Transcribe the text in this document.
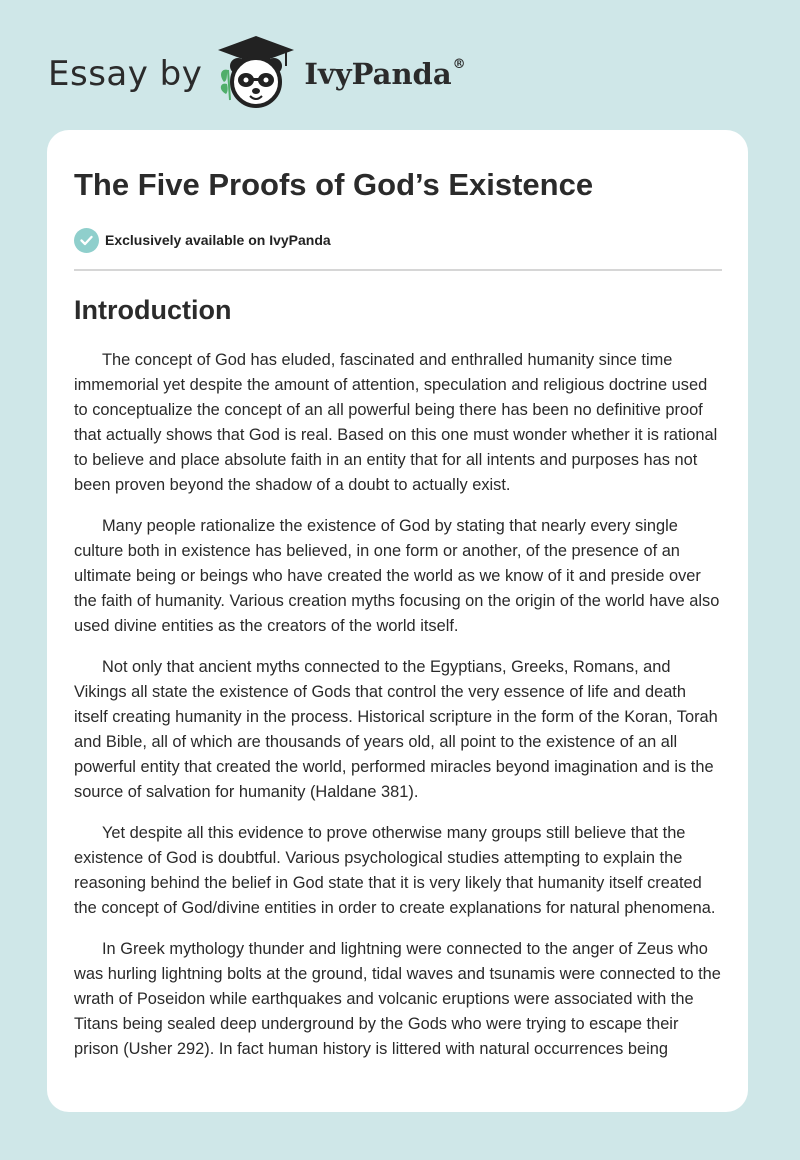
Essay by	IvyPanda®
The Five Proofs of God’s Existence
Exclusively available on IvyPanda
Introduction

The concept of God has eluded, fascinated and enthralled humanity since time immemorial yet despite the amount of attention, speculation and religious doctrine used to conceptualize the concept of an all powerful being there has been no definitive proof that actually shows that God is real. Based on this one must wonder whether it is rational to believe and place absolute faith in an entity that for all intents and purposes has not been proven beyond the shadow of a doubt to actually exist.

Many people rationalize the existence of God by stating that nearly every single culture both in existence has believed, in one form or another, of the presence of an ultimate being or beings who have created the world as we know of it and preside over the faith of humanity. Various creation myths focusing on the origin of the world have also used divine entities as the creators of the world itself.

Not only that ancient myths connected to the Egyptians, Greeks, Romans, and Vikings all state the existence of Gods that control the very essence of life and death itself creating humanity in the process. Historical scripture in the form of the Koran, Torah and Bible, all of which are thousands of years old, all point to the existence of an all powerful entity that created the world, performed miracles beyond imagination and is the source of salvation for humanity (Haldane 381).

Yet despite all this evidence to prove otherwise many groups still believe that the existence of God is doubtful. Various psychological studies attempting to explain the reasoning behind the belief in God state that it is very likely that humanity itself created the concept of God/divine entities in order to create explanations for natural phenomena.

In Greek mythology thunder and lightning were connected to the anger of Zeus who was hurling lightning bolts at the ground, tidal waves and tsunamis were connected to the wrath of Poseidon while earthquakes and volcanic eruptions were associated with the Titans being sealed deep underground by the Gods who were trying to escape their prison (Usher 292). In fact human history is littered with natural occurrences being
